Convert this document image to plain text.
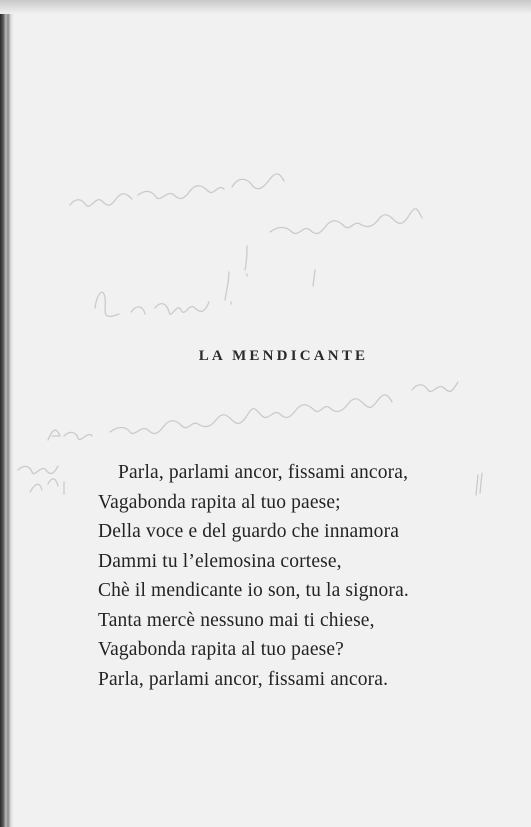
LA MENDICANTE
Parla, parlami ancor, fissami ancora,
Vagabonda rapita al tuo paese;
Della voce e del guardo che innamora
Dammi tu l’elemosina cortese,
Chè il mendicante io son, tu la signora.
Tanta mercè nessuno mai ti chiese,
Vagabonda rapita al tuo paese?
Parla, parlami ancor, fissami ancora.
